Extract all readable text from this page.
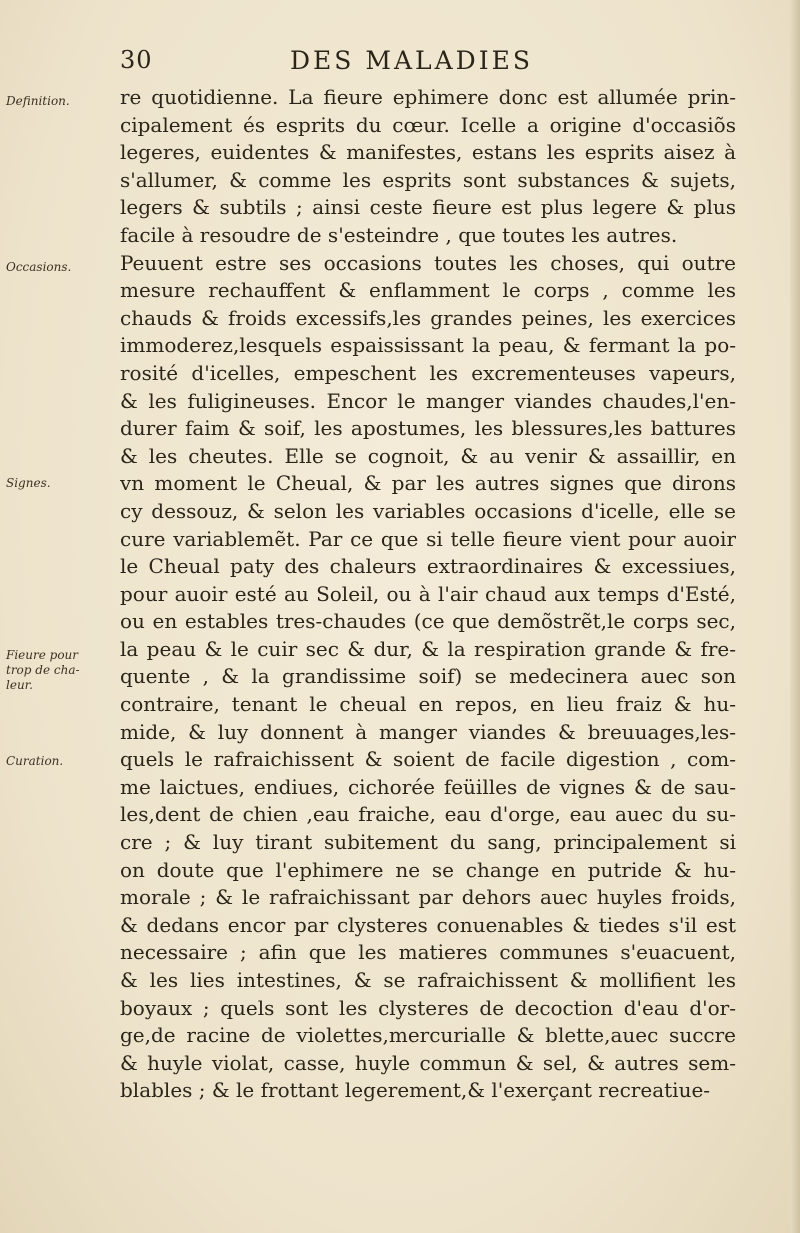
30	DES MALADIES
Definition.
Occasions.
Signes.
Fieure pour
trop de cha-
leur.
Curation.
re quotidienne. La fieure ephimere donc est allumée prin-
cipalement és esprits du cœur. Icelle a origine d'occasiõs
legeres, euidentes & manifestes, estans les esprits aisez à
s'allumer, & comme les esprits sont substances & sujets,
legers & subtils ; ainsi ceste fieure est plus legere & plus
facile à resoudre de s'esteindre , que toutes les autres.
Peuuent estre ses occasions toutes les choses, qui outre
mesure rechauffent & enflamment le corps , comme les
chauds & froids excessifs,les grandes peines, les exercices
immoderez,lesquels espaississant la peau, & fermant la po-
rosité d'icelles, empeschent les excrementeuses vapeurs,
& les fuligineuses. Encor le manger viandes chaudes,l'en-
durer faim & soif, les apostumes, les blessures,les battures
& les cheutes. Elle se cognoit, & au venir & assaillir, en
vn moment le Cheual, & par les autres signes que dirons
cy dessouz, & selon les variables occasions d'icelle, elle se
cure variablemẽt. Par ce que si telle fieure vient pour auoir
le Cheual paty des chaleurs extraordinaires & excessiues,
pour auoir esté au Soleil, ou à l'air chaud aux temps d'Esté,
ou en estables tres-chaudes (ce que demõstrẽt,le corps sec,
la peau & le cuir sec & dur, & la respiration grande & fre-
quente , & la grandissime soif) se medecinera auec son
contraire, tenant le cheual en repos, en lieu fraiz & hu-
mide, & luy donnent à manger viandes & breuuages,les-
quels le rafraichissent & soient de facile digestion , com-
me laictues, endiues, cichorée feüilles de vignes & de sau-
les,dent de chien ,eau fraiche, eau d'orge, eau auec du su-
cre ; & luy tirant subitement du sang, principalement si
on doute que l'ephimere ne se change en putride & hu-
morale ; & le rafraichissant par dehors auec huyles froids,
& dedans encor par clysteres conuenables & tiedes s'il est
necessaire ; afin que les matieres communes s'euacuent,
& les lies intestines, & se rafraichissent & mollifient les
boyaux ; quels sont les clysteres de decoction d'eau d'or-
ge,de racine de violettes,mercurialle & blette,auec succre
& huyle violat, casse, huyle commun & sel, & autres sem-
blables ; & le frottant legerement,& l'exerçant recreatiue-
